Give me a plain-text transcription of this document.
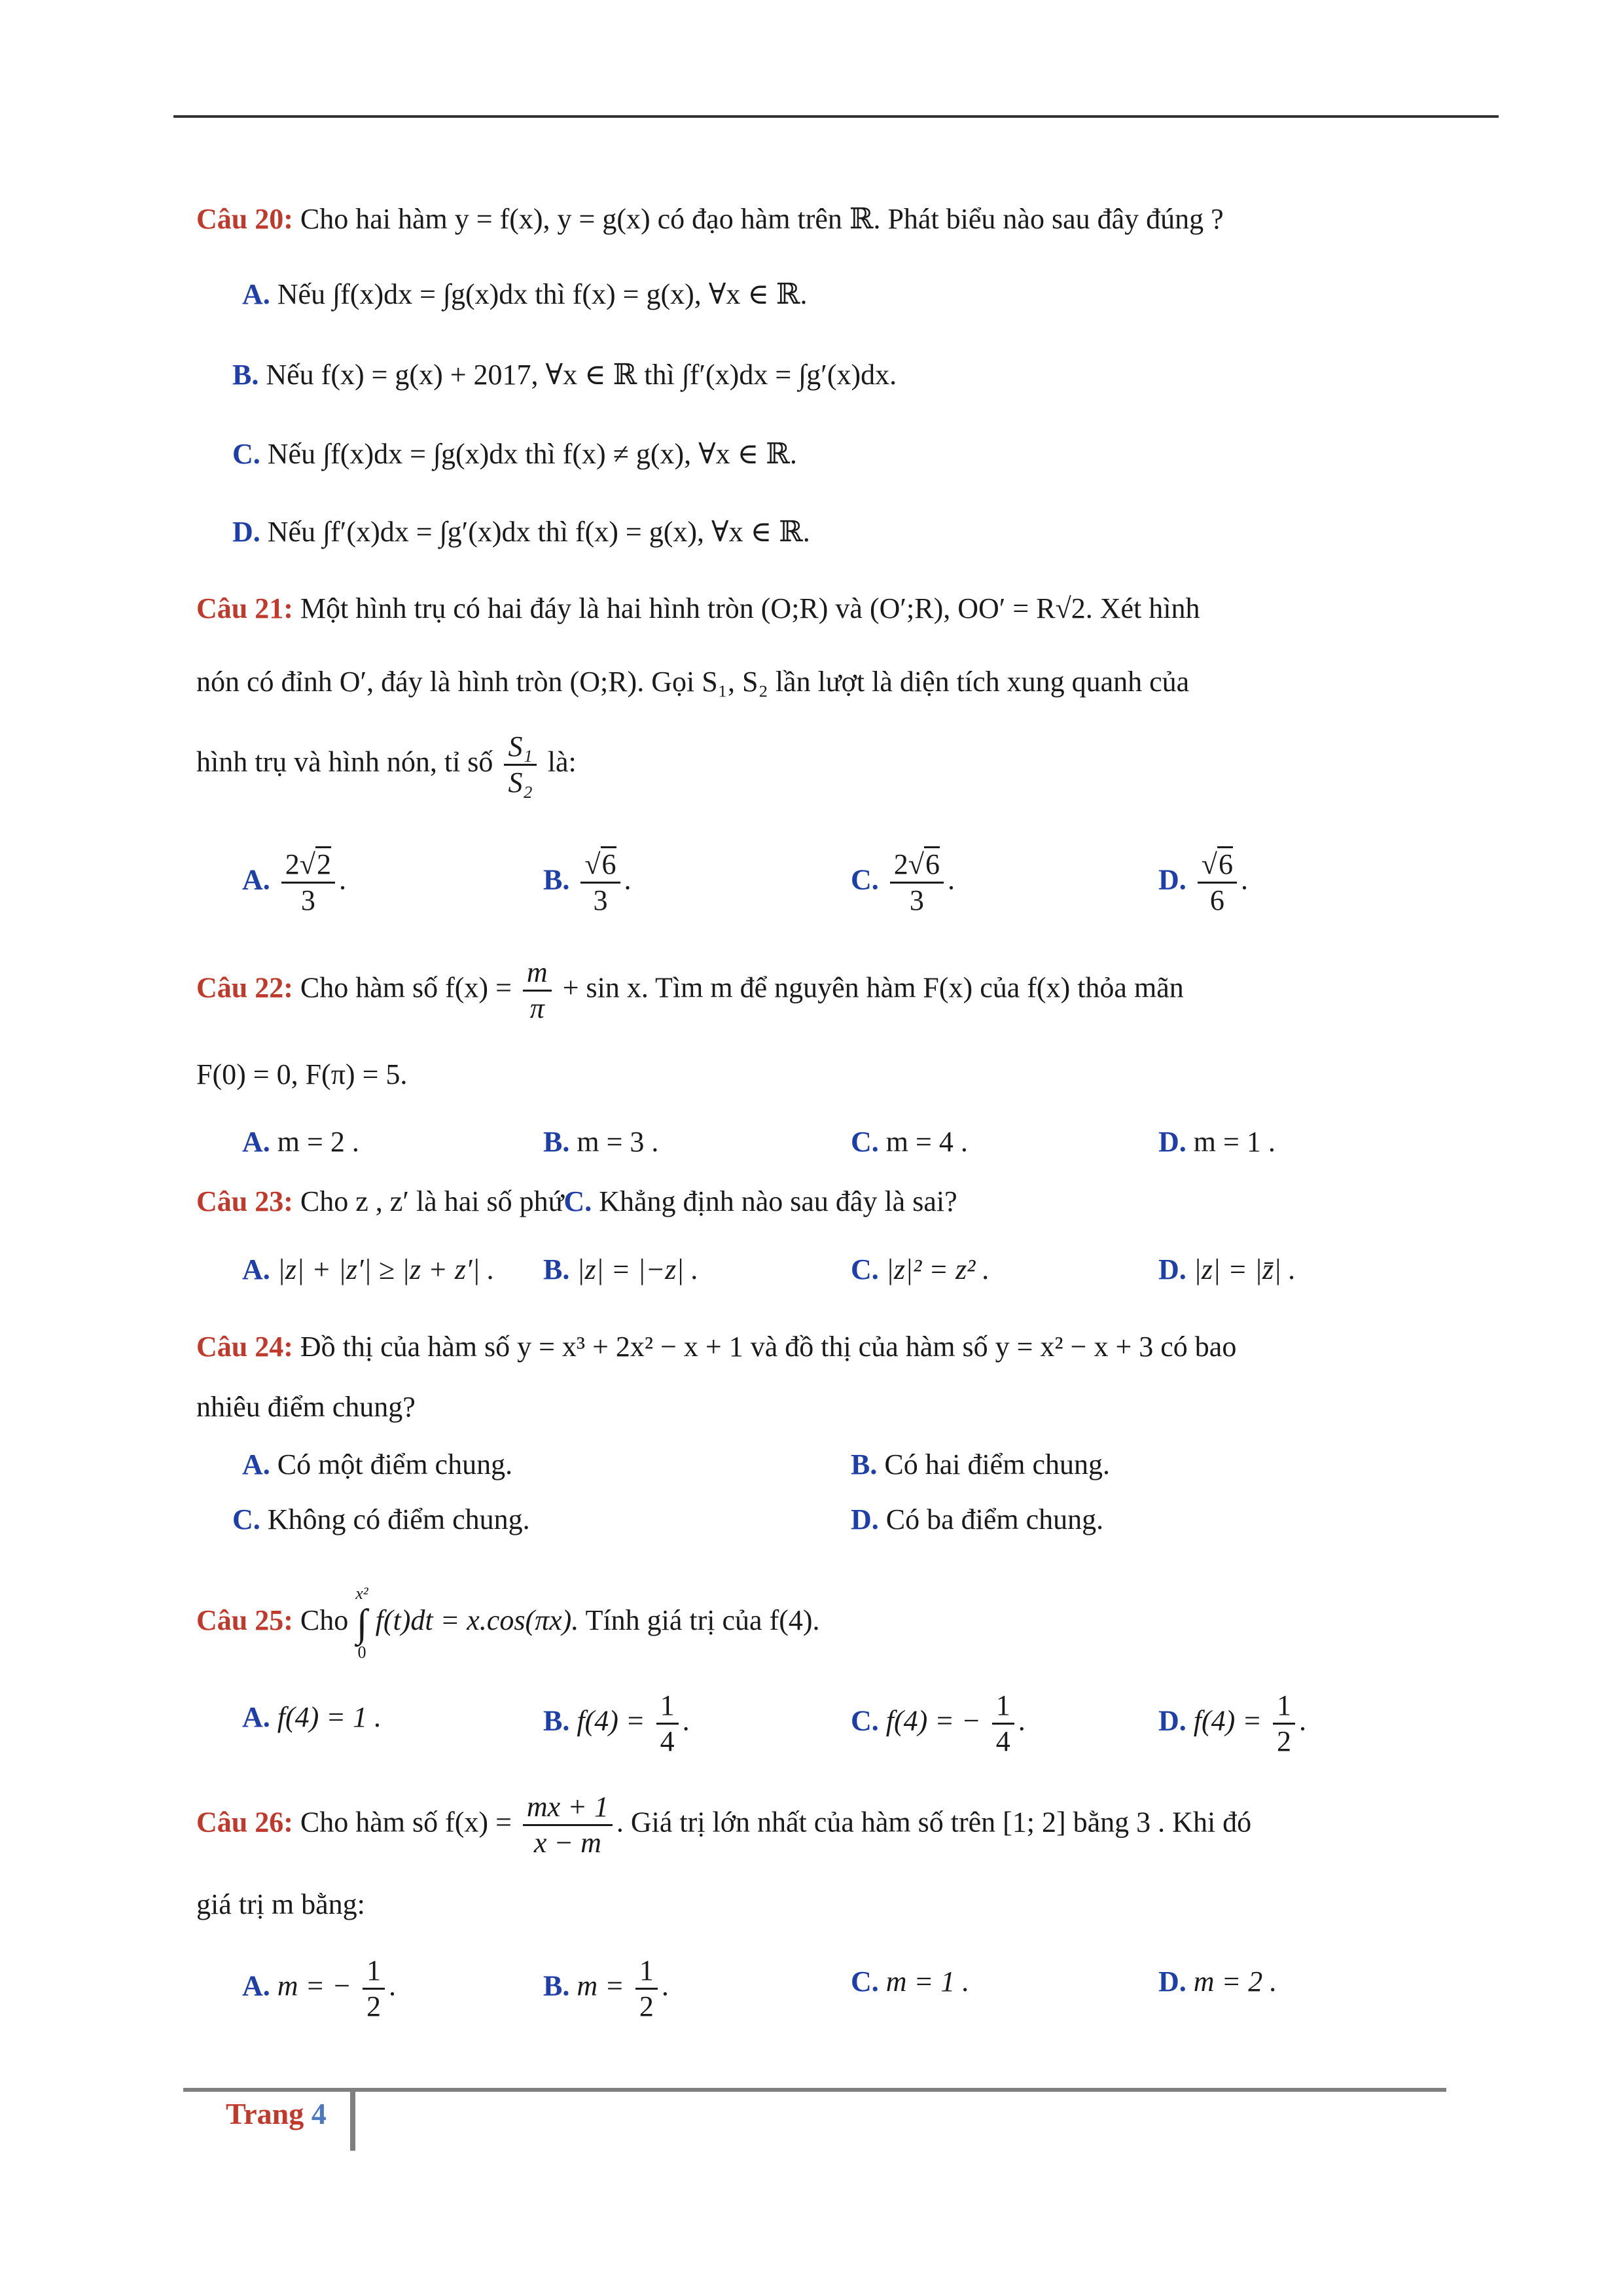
Câu 20: Cho hai hàm y = f(x), y = g(x) có đạo hàm trên ℝ. Phát biểu nào sau đây đúng ?
A. Nếu ∫f(x)dx = ∫g(x)dx thì f(x) = g(x), ∀x ∈ ℝ.
B. Nếu f(x) = g(x) + 2017, ∀x ∈ ℝ thì ∫f′(x)dx = ∫g′(x)dx.
C. Nếu ∫f(x)dx = ∫g(x)dx thì f(x) ≠ g(x), ∀x ∈ ℝ.
D. Nếu ∫f′(x)dx = ∫g′(x)dx thì f(x) = g(x), ∀x ∈ ℝ.
Câu 21: Một hình trụ có hai đáy là hai hình tròn (O;R) và (O′;R), OO′ = R√2. Xét hình
nón có đỉnh O′, đáy là hình tròn (O;R). Gọi S₁, S₂ lần lượt là diện tích xung quanh của
hình trụ và hình nón, tỉ số $\frac{\text{S₁}}{\text{S₂}}$ là:
A. $\frac{2√2}{3}$ .	B. $\frac{√6}{3}$ .	C. $\frac{2√6}{3}$ .	D. $\frac{√6}{6}$ .
Câu 22: Cho hàm số $f(x) = \frac{m}{\pi} + \sin x$. Tìm m để nguyên hàm F(x) của f(x) thỏa mãn
F(0) = 0, F(π) = 5.
A. m = 2 .	B. m = 3 .	C. m = 4 .	D. m = 1 .
Câu 23: Cho z , z′ là hai số phứC. Khẳng định nào sau đây là sai?
A. |z| + |z′| ≥ |z + z′| . B. |z| = |−z| .	C. |z|² = z² .	D. |z| = |z̄| .
Câu 24: Đồ thị của hàm số y = x³ + 2x² − x + 1 và đồ thị của hàm số y = x² − x + 3 có bao
nhiêu điểm chung?
A. Có một điểm chung.	B. Có hai điểm chung.
C. Không có điểm chung.	D. Có ba điểm chung.
Câu 25: Cho
x²
∫
0
f(t)dt = x.cos(πx). Tính giá trị của f(4).
A. f(4) = 1 .	B. $f(4) = \frac{1}{4}$ .	C. f(4) = − $\frac{1}{4}$ .	D. $f(4) = \frac{1}{2}$ .
Câu 26: Cho hàm số $f(x) = \frac{mx + 1}{x - m}$ . Giá trị lớn nhất của hàm số trên [1; 2] bằng 3 . Khi đó
giá trị m bằng:
A. m = − $\frac{1}{2}$ .	B. $m = \frac{1}{2}$ .	C. m = 1 .	D. m = 2 .
Trang 4
